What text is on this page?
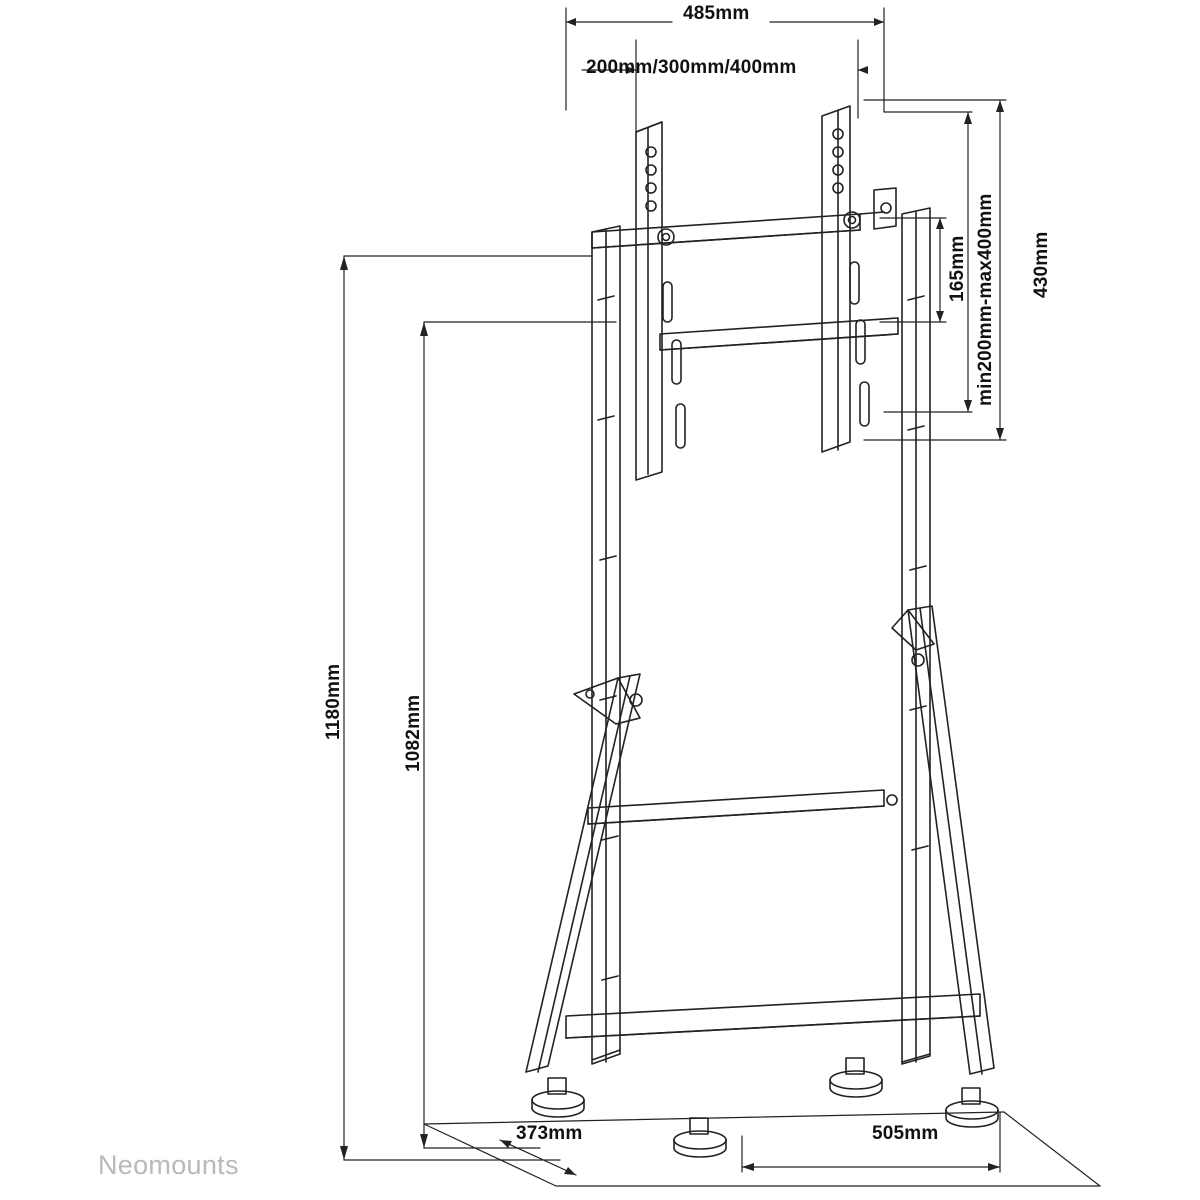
485mm
200mm/300mm/400mm
min200mm-max400mm 430mm
165mm
1180mm	1082mm
373mm	505mm
Neomounts
